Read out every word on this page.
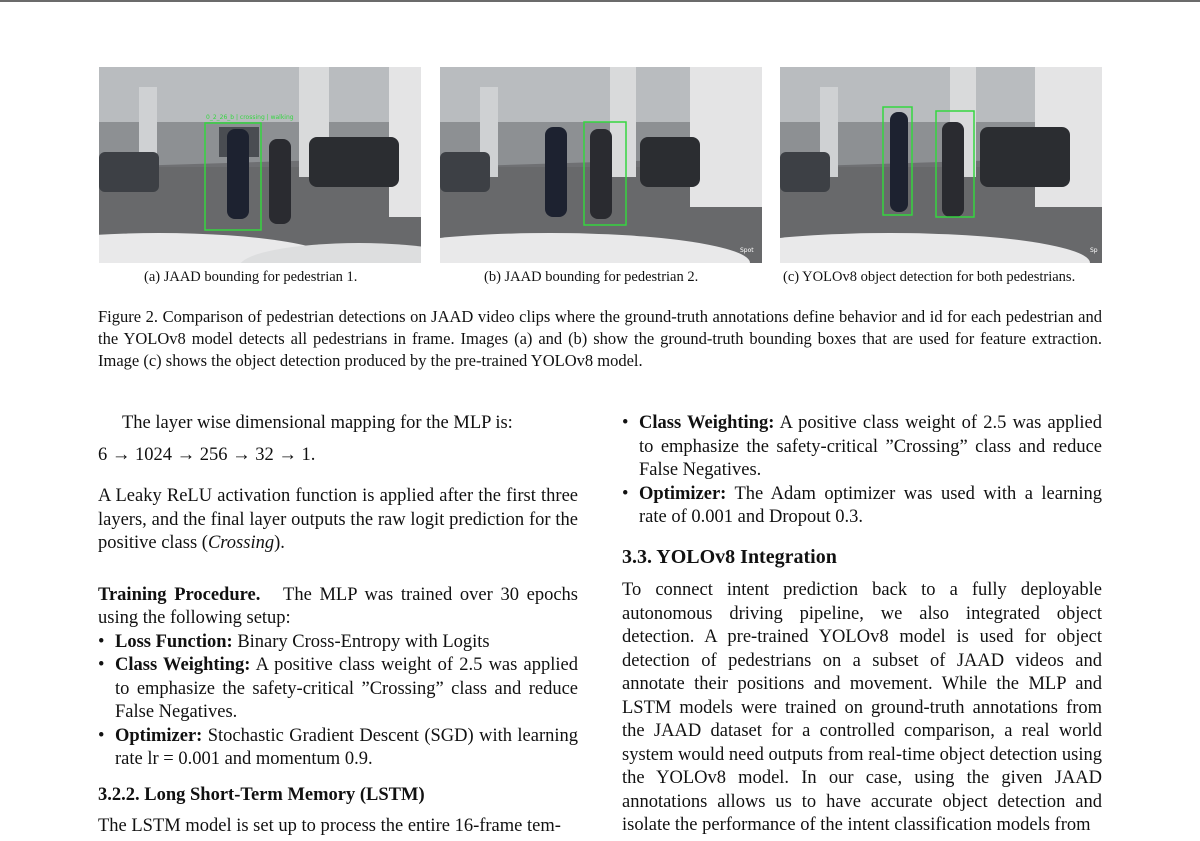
0_2_26_b | crossing | walking
Spot	Sp
(a) JAAD bounding for pedestrian 1.	(b) JAAD bounding for pedestrian 2.	(c) YOLOv8 object detection for both pedestrians.
Figure 2. Comparison of pedestrian detections on JAAD video clips where the ground-truth annotations define behavior and id for each pedestrian and the YOLOv8 model detects all pedestrians in frame. Images (a) and (b) show the ground-truth bounding boxes that are used for feature extraction. Image (c) shows the object detection produced by the pre-trained YOLOv8 model.

The layer wise dimensional mapping for the MLP is:

6 → 1024 → 256 → 32 → 1.

A Leaky ReLU activation function is applied after the first three layers, and the final layer outputs the raw logit prediction for the positive class (Crossing).

Training Procedure. The MLP was trained over 30 epochs using the following setup:

• Loss Function: Binary Cross-Entropy with Logits
• Class Weighting: A positive class weight of 2.5 was applied to emphasize the safety-critical ”Crossing” class and reduce False Negatives.
• Optimizer: Stochastic Gradient Descent (SGD) with learning rate lr = 0.001 and momentum 0.9.

3.2.2. Long Short-Term Memory (LSTM)

The LSTM model is set up to process the entire 16-frame tem-

• Class Weighting: A positive class weight of 2.5 was applied to emphasize the safety-critical ”Crossing” class and reduce False Negatives.
• Optimizer: The Adam optimizer was used with a learning rate of 0.001 and Dropout 0.3.

3.3. YOLOv8 Integration

To connect intent prediction back to a fully deployable autonomous driving pipeline, we also integrated object detection. A pre-trained YOLOv8 model is used for object detection of pedestrians on a subset of JAAD videos and annotate their positions and movement. While the MLP and LSTM models were trained on ground-truth annotations from the JAAD dataset for a controlled comparison, a real world system would need outputs from real-time object detection using the YOLOv8 model. In our case, using the given JAAD annotations allows us to have accurate object detection and isolate the performance of the intent classification models from
